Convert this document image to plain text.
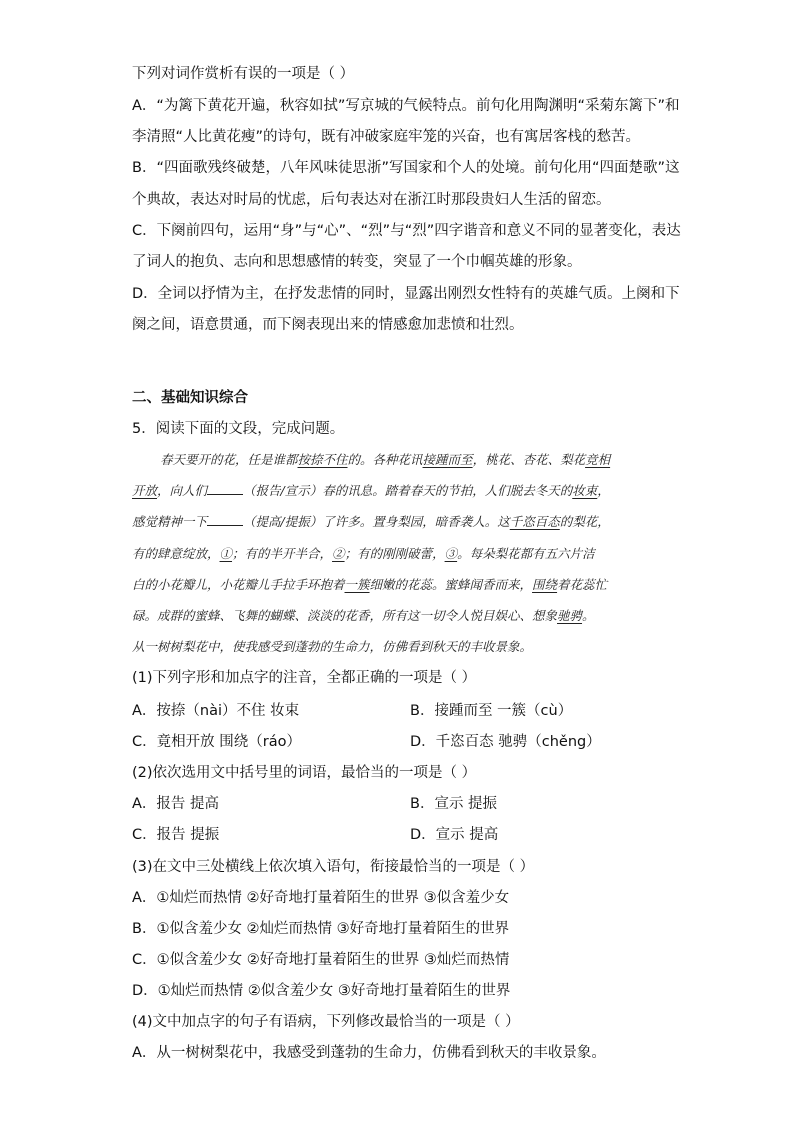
下列对词作赏析有误的一项是（ ）
A．“为篱下黄花开遍，秋容如拭”写京城的气候特点。前句化用陶渊明“采菊东篱下”和
李清照“人比黄花瘦”的诗句，既有冲破家庭牢笼的兴奋，也有寓居客栈的愁苦。
B．“四面歌残终破楚，八年风味徒思浙”写国家和个人的处境。前句化用“四面楚歌”这
个典故，表达对时局的忧虑，后句表达对在浙江时那段贵妇人生活的留恋。
C．下阕前四句，运用“身”与“心”、“烈”与“烈”四字谐音和意义不同的显著变化，表达
了词人的抱负、志向和思想感情的转变，突显了一个巾帼英雄的形象。
D．全词以抒情为主，在抒发悲情的同时，显露出刚烈女性特有的英雄气质。上阕和下
阕之间，语意贯通，而下阕表现出来的情感愈加悲愤和壮烈。
二、基础知识综合
5．阅读下面的文段，完成问题。
春天要开的花，任是谁都按捺不住的。各种花讯接踵而至，桃花、杏花、梨花竞相
开放，向人们	（报告/宣示）春的讯息。踏着春天的节拍，人们脱去冬天的妆束，
感觉精神一下	（提高/提振）了许多。置身梨园，暗香袭人。这千恣百态的梨花，
有的肆意绽放，①；有的半开半合，②；有的刚刚破蕾，③。每朵梨花都有五六片洁
白的小花瓣儿，小花瓣儿手拉手环抱着一簇细嫩的花蕊。蜜蜂闻香而来，围绕着花蕊忙
碌。成群的蜜蜂、飞舞的蝴蝶、淡淡的花香，所有这一切令人悦目娱心、想象驰骋。
从一树树梨花中，使我感受到蓬勃的生命力，仿佛看到秋天的丰收景象。
(1)下列字形和加点字的注音，全都正确的一项是（ ）
A．按捺（nài）不住 妆束	B．接踵而至 一簇（cù）
C．竟相开放 围绕（ráo）	D．千恣百态 驰骋（chěng）
(2)依次选用文中括号里的词语，最恰当的一项是（ ）
A．报告 提高	B．宣示 提振
C．报告 提振	D．宣示 提高
(3)在文中三处横线上依次填入语句，衔接最恰当的一项是（ ）
A．①灿烂而热情 ②好奇地打量着陌生的世界 ③似含羞少女
B．①似含羞少女 ②灿烂而热情 ③好奇地打量着陌生的世界
C．①似含羞少女 ②好奇地打量着陌生的世界 ③灿烂而热情
D．①灿烂而热情 ②似含羞少女 ③好奇地打量着陌生的世界
(4)文中加点字的句子有语病，下列修改最恰当的一项是（ ）
A．从一树树梨花中，我感受到蓬勃的生命力，仿佛看到秋天的丰收景象。
